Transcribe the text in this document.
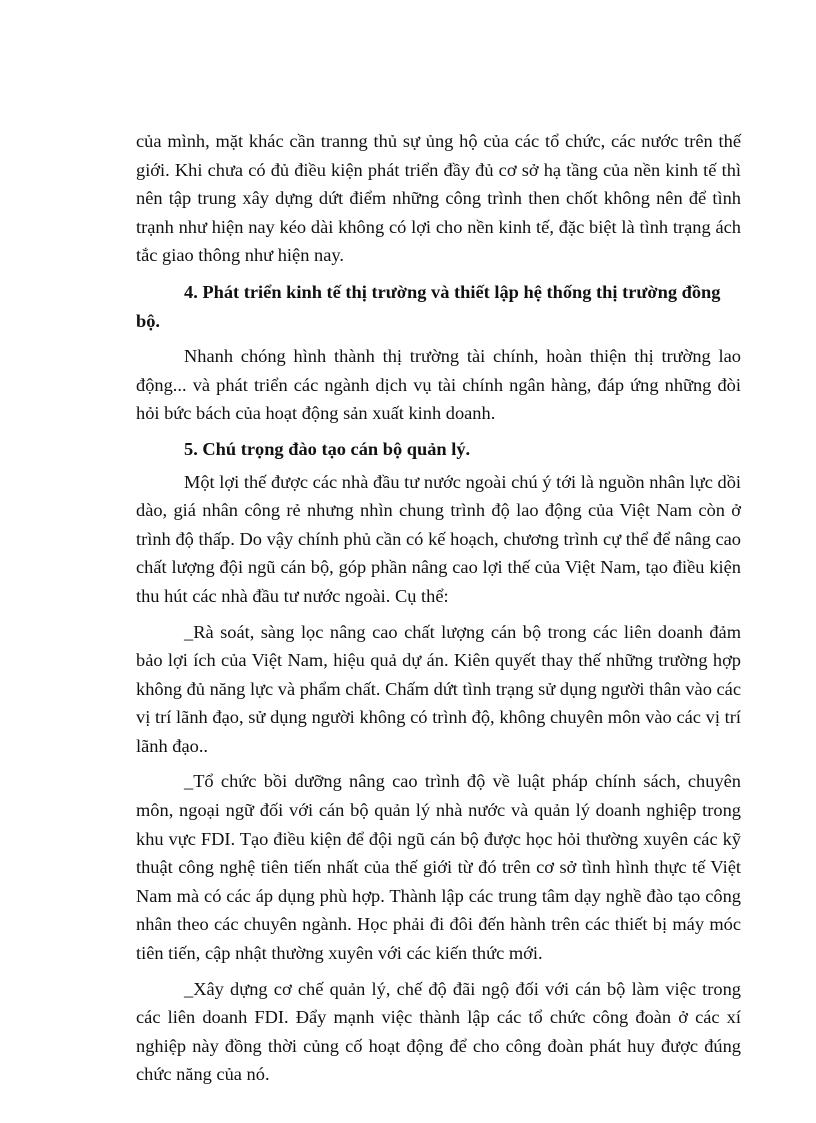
của mình, mặt khác cần tranng thủ sự ủng hộ của các tổ chức, các nước trên thế giới. Khi chưa có đủ điều kiện phát triển đầy đủ cơ sở hạ tầng của nền kinh tế thì nên tập trung xây dựng dứt điểm những công trình then chốt không nên để tình trạnh như hiện nay kéo dài không có lợi cho nền kinh tế, đặc biệt là tình trạng ách tắc giao thông như hiện nay.

4. Phát triển kinh tế thị trường và thiết lập hệ thống thị trường đồng bộ.

Nhanh chóng hình thành thị trường tài chính, hoàn thiện thị trường lao động... và phát triển các ngành dịch vụ tài chính ngân hàng, đáp ứng những đòi hỏi bức bách của hoạt động sản xuất kinh doanh.

5. Chú trọng đào tạo cán bộ quản lý.

Một lợi thế được các nhà đầu tư nước ngoài chú ý tới là nguồn nhân lực dồi dào, giá nhân công rẻ nhưng nhìn chung trình độ lao động của Việt Nam còn ở trình độ thấp. Do vậy chính phủ cần có kế hoạch, chương trình cự thể để nâng cao chất lượng đội ngũ cán bộ, góp phần nâng cao lợi thế của Việt Nam, tạo điều kiện thu hút các nhà đầu tư nước ngoài. Cụ thể:

_Rà soát, sàng lọc nâng cao chất lượng cán bộ trong các liên doanh đảm bảo lợi ích của Việt Nam, hiệu quả dự án. Kiên quyết thay thế những trường hợp không đủ năng lực và phẩm chất. Chấm dứt tình trạng sử dụng người thân vào các vị trí lãnh đạo, sử dụng người không có trình độ, không chuyên môn vào các vị trí lãnh đạo..

_Tổ chức bồi dưỡng nâng cao trình độ về luật pháp chính sách, chuyên môn, ngoại ngữ đối với cán bộ quản lý nhà nước và quản lý doanh nghiệp trong khu vực FDI. Tạo điều kiện để đội ngũ cán bộ được học hỏi thường xuyên các kỹ thuật công nghệ tiên tiến nhất của thế giới từ đó trên cơ sở tình hình thực tế Việt Nam mà có các áp dụng phù hợp. Thành lập các trung tâm dạy nghề đào tạo công nhân theo các chuyên ngành. Học phải đi đôi đến hành trên các thiết bị máy móc tiên tiến, cập nhật thường xuyên với các kiến thức mới.

_Xây dựng cơ chế quản lý, chế độ đãi ngộ đối với cán bộ làm việc trong các liên doanh FDI. Đẩy mạnh việc thành lập các tổ chức công đoàn ở các xí nghiệp này đồng thời củng cố hoạt động để cho công đoàn phát huy được đúng chức năng của nó.
